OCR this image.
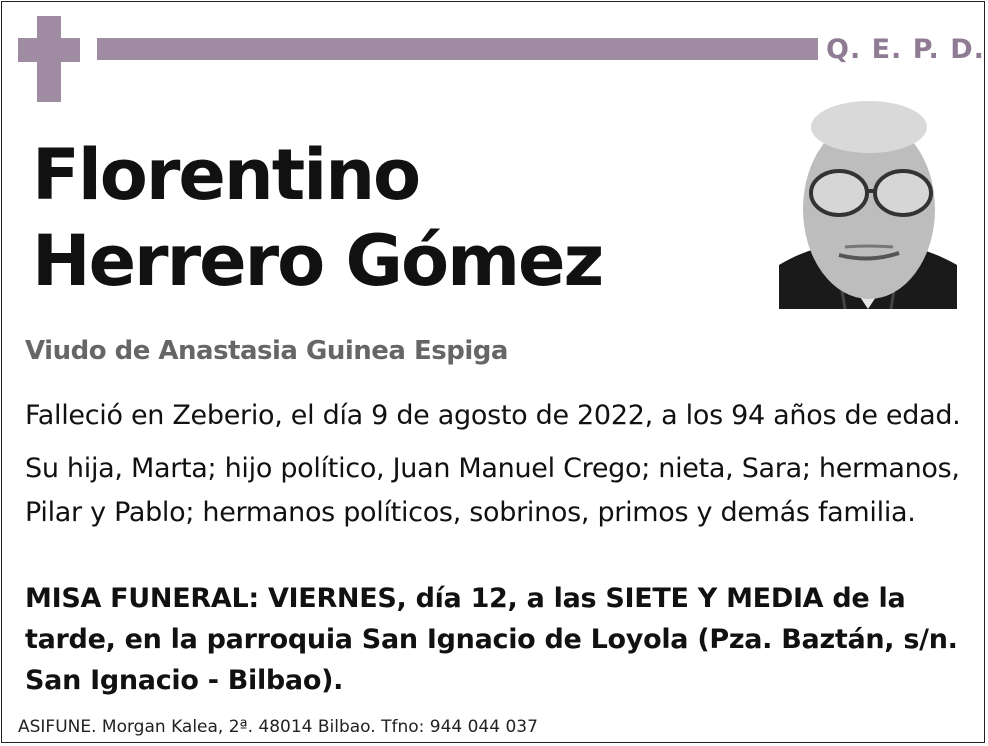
Q. E. P. D.
Florentino
Herrero Gómez
Viudo de Anastasia Guinea Espiga
Falleció en Zeberio, el día 9 de agosto de 2022, a los 94 años de edad.
Su hija, Marta; hijo político, Juan Manuel Crego; nieta, Sara; hermanos, Pilar y Pablo; hermanos políticos, sobrinos, primos y demás familia.
MISA FUNERAL: VIERNES, día 12, a las SIETE Y MEDIA de la tarde, en la parroquia San Ignacio de Loyola (Pza. Baztán, s/n. San Ignacio - Bilbao).
ASIFUNE. Morgan Kalea, 2ª. 48014 Bilbao. Tfno: 944 044 037
